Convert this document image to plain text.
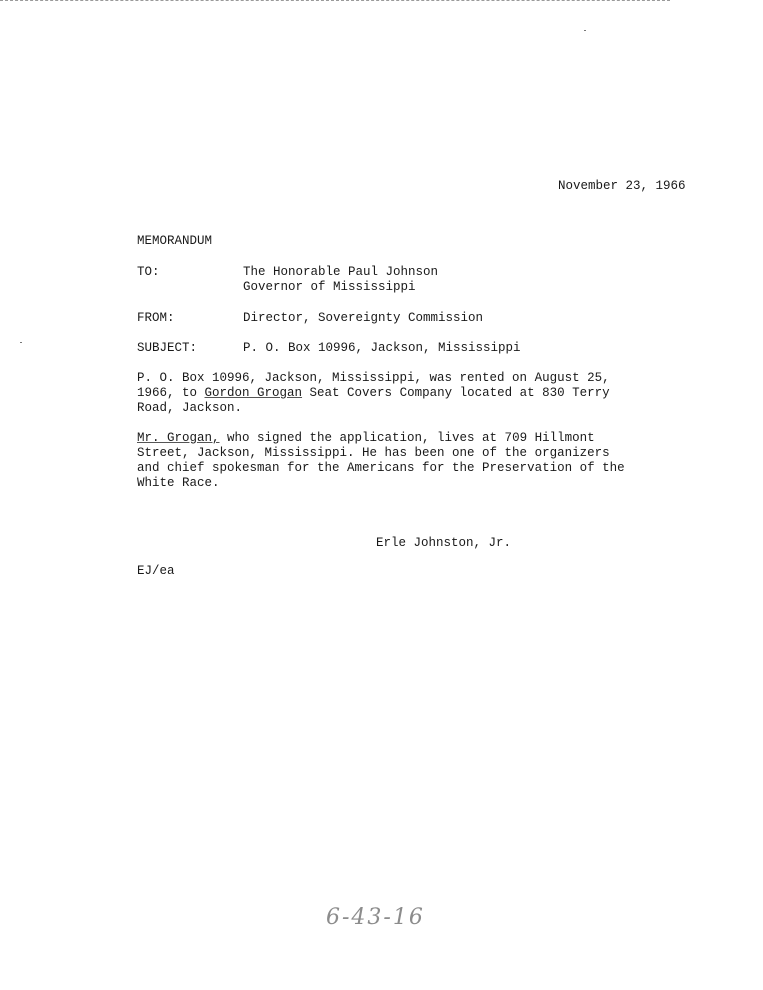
November 23, 1966
MEMORANDUM
TO:	The Honorable Paul Johnson
Governor of Mississippi
FROM:	Director, Sovereignty Commission
SUBJECT:	P. O. Box 10996, Jackson, Mississippi
P. O. Box 10996, Jackson, Mississippi, was rented on August 25,
1966, to Gordon Grogan Seat Covers Company located at 830 Terry
Road, Jackson.
Mr. Grogan, who signed the application, lives at 709 Hillmont
Street, Jackson, Mississippi. He has been one of the organizers
and chief spokesman for the Americans for the Preservation of the
White Race.
Erle Johnston, Jr.
EJ/ea
6-43-16
